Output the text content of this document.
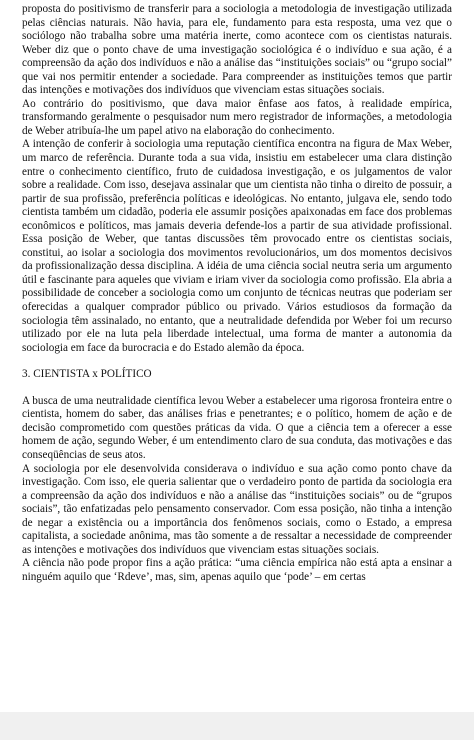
proposta do positivismo de transferir para a sociologia a metodologia de investigação utilizada pelas ciências naturais. Não havia, para ele, fundamento para esta resposta, uma vez que o sociólogo não trabalha sobre uma matéria inerte, como acontece com os cientistas naturais. Weber diz que o ponto chave de uma investigação sociológica é o indivíduo e sua ação, é a compreensão da ação dos indivíduos e não a análise das “instituições sociais” ou “grupo social” que vai nos permitir entender a sociedade. Para compreender as instituições temos que partir das intenções e motivações dos indivíduos que vivenciam estas situações sociais.

Ao contrário do positivismo, que dava maior ênfase aos fatos, à realidade empírica, transformando geralmente o pesquisador num mero registrador de informações, a metodologia de Weber atribuía-lhe um papel ativo na elaboração do conhecimento.

A intenção de conferir à sociologia uma reputação científica encontra na figura de Max Weber, um marco de referência. Durante toda a sua vida, insistiu em estabelecer uma clara distinção entre o conhecimento científico, fruto de cuidadosa investigação, e os julgamentos de valor sobre a realidade. Com isso, desejava assinalar que um cientista não tinha o direito de possuir, a partir de sua profissão, preferência políticas e ideológicas. No entanto, julgava ele, sendo todo cientista também um cidadão, poderia ele assumir posições apaixonadas em face dos problemas econômicos e políticos, mas jamais deveria defende-los a partir de sua atividade profissional. Essa posição de Weber, que tantas discussões têm provocado entre os cientistas sociais, constitui, ao isolar a sociologia dos movimentos revolucionários, um dos momentos decisivos da profissionalização dessa disciplina. A idéia de uma ciência social neutra seria um argumento útil e fascinante para aqueles que viviam e iriam viver da sociologia como profissão. Ela abria a possibilidade de conceber a sociologia como um conjunto de técnicas neutras que poderiam ser oferecidas a qualquer comprador público ou privado. Vários estudiosos da formação da sociologia têm assinalado, no entanto, que a neutralidade defendida por Weber foi um recurso utilizado por ele na luta pela liberdade intelectual, uma forma de manter a autonomia da sociologia em face da burocracia e do Estado alemão da época.

3. CIENTISTA x POLÍTICO

A busca de uma neutralidade científica levou Weber a estabelecer uma rigorosa fronteira entre o cientista, homem do saber, das análises frias e penetrantes; e o político, homem de ação e de decisão comprometido com questões práticas da vida. O que a ciência tem a oferecer a esse homem de ação, segundo Weber, é um entendimento claro de sua conduta, das motivações e das conseqüências de seus atos.

A sociologia por ele desenvolvida considerava o indivíduo e sua ação como ponto chave da investigação. Com isso, ele queria salientar que o verdadeiro ponto de partida da sociologia era a compreensão da ação dos indivíduos e não a análise das “instituições sociais” ou de “grupos sociais”, tão enfatizadas pelo pensamento conservador. Com essa posição, não tinha a intenção de negar a existência ou a importância dos fenômenos sociais, como o Estado, a empresa capitalista, a sociedade anônima, mas tão somente a de ressaltar a necessidade de compreender as intenções e motivações dos indivíduos que vivenciam estas situações sociais.

A ciência não pode propor fins a ação prática: “uma ciência empírica não está apta a ensinar a ninguém aquilo que ‘Rdeve’, mas, sim, apenas aquilo que ‘pode’ – em certas
